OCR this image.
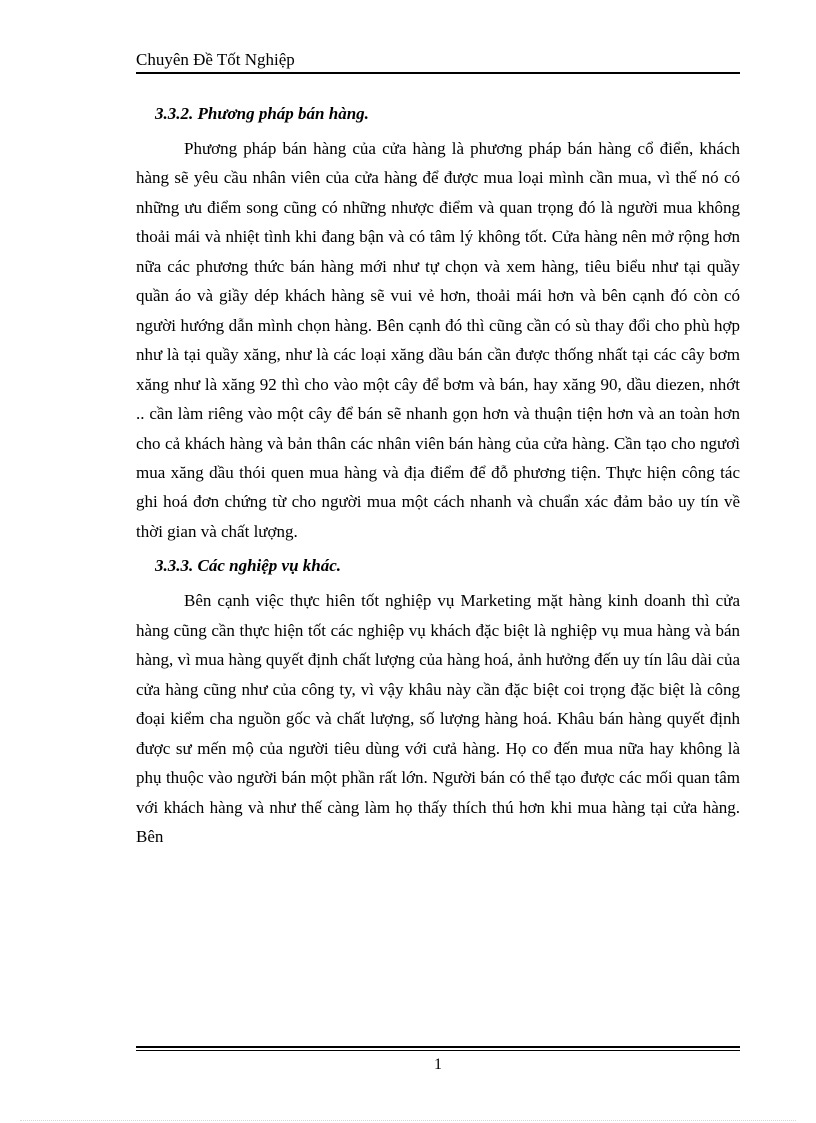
Chuyên Đề Tốt Nghiệp
3.3.2. Phương pháp bán hàng.

Phương pháp bán hàng của cửa hàng là phương pháp bán hàng cổ điển, khách hàng sẽ yêu cầu nhân viên của cửa hàng để được mua loại mình cần mua, vì thế nó có những ưu điểm song cũng có những nhược điểm và quan trọng đó là người mua không thoải mái và nhiệt tình khi đang bận và có tâm lý không tốt. Cửa hàng nên mở rộng hơn nữa các phương thức bán hàng mới như tự chọn và xem hàng, tiêu biểu như tại quầy quần áo và giầy dép khách hàng sẽ vui vẻ hơn, thoải mái hơn và bên cạnh đó còn có người hướng dẫn mình chọn hàng. Bên cạnh đó thì cũng cần có sù thay đổi cho phù hợp như là tại quầy xăng, như là các loại xăng dầu bán cần được thống nhất tại các cây bơm xăng như là xăng 92 thì cho vào một cây để bơm và bán, hay xăng 90, dầu diezen, nhớt .. cần làm riêng vào một cây để bán sẽ nhanh gọn hơn và thuận tiện hơn và an toàn hơn cho cả khách hàng và bản thân các nhân viên bán hàng của cửa hàng. Cần tạo cho ngươì mua xăng dầu thói quen mua hàng và địa điểm để đỗ phương tiện. Thực hiện công tác ghi hoá đơn chứng từ cho người mua một cách nhanh và chuẩn xác đảm bảo uy tín về thời gian và chất lượng.

3.3.3. Các nghiệp vụ khác.

Bên cạnh việc thực hiên tốt nghiệp vụ Marketing mặt hàng kinh doanh thì cửa hàng cũng cần thực hiện tốt các nghiệp vụ khách đặc biệt là nghiệp vụ mua hàng và bán hàng, vì mua hàng quyết định chất lượng của hàng hoá, ảnh hưởng đến uy tín lâu dài của cửa hàng cũng như của công ty, vì vậy khâu này cần đặc biệt coi trọng đặc biệt là công đoại kiểm cha nguồn gốc và chất lượng, số lượng hàng hoá. Khâu bán hàng quyết định được sư mến mộ của người tiêu dùng với cưả hàng. Họ co đến mua nữa hay không là phụ thuộc vào người bán một phần rất lớn. Người bán có thể tạo được các mối quan tâm với khách hàng và như thế càng làm họ thấy thích thú hơn khi mua hàng tại cửa hàng. Bên

1
